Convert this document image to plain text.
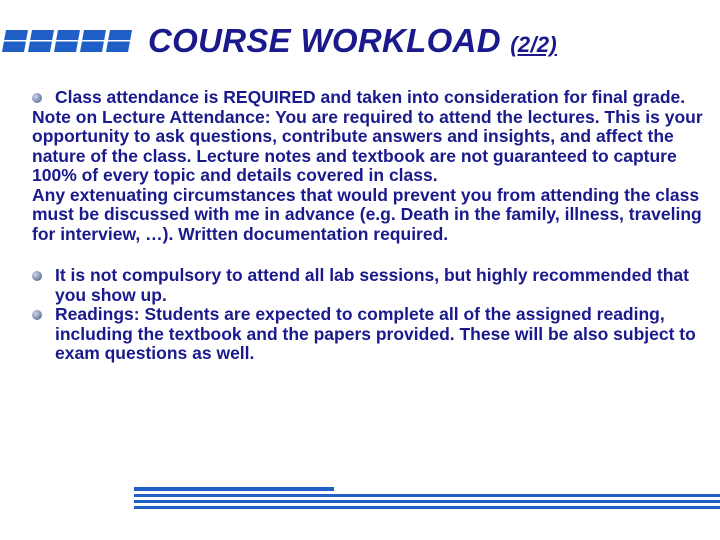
COURSE WORKLOAD (2/2)
Class attendance is REQUIRED and taken into consideration for final grade.

Note on Lecture Attendance: You are required to attend the lectures. This is your opportunity to ask questions, contribute answers and insights, and affect the nature of the class. Lecture notes and textbook are not guaranteed to capture 100% of every topic and details covered in class.

Any extenuating circumstances that would prevent you from attending the class must be discussed with me in advance (e.g. Death in the family, illness, traveling for interview, …). Written documentation required.

It is not compulsory to attend all lab sessions, but highly recommended that you show up.
Readings: Students are expected to complete all of the assigned reading, including the textbook and the papers provided. These will be also subject to exam questions as well.
